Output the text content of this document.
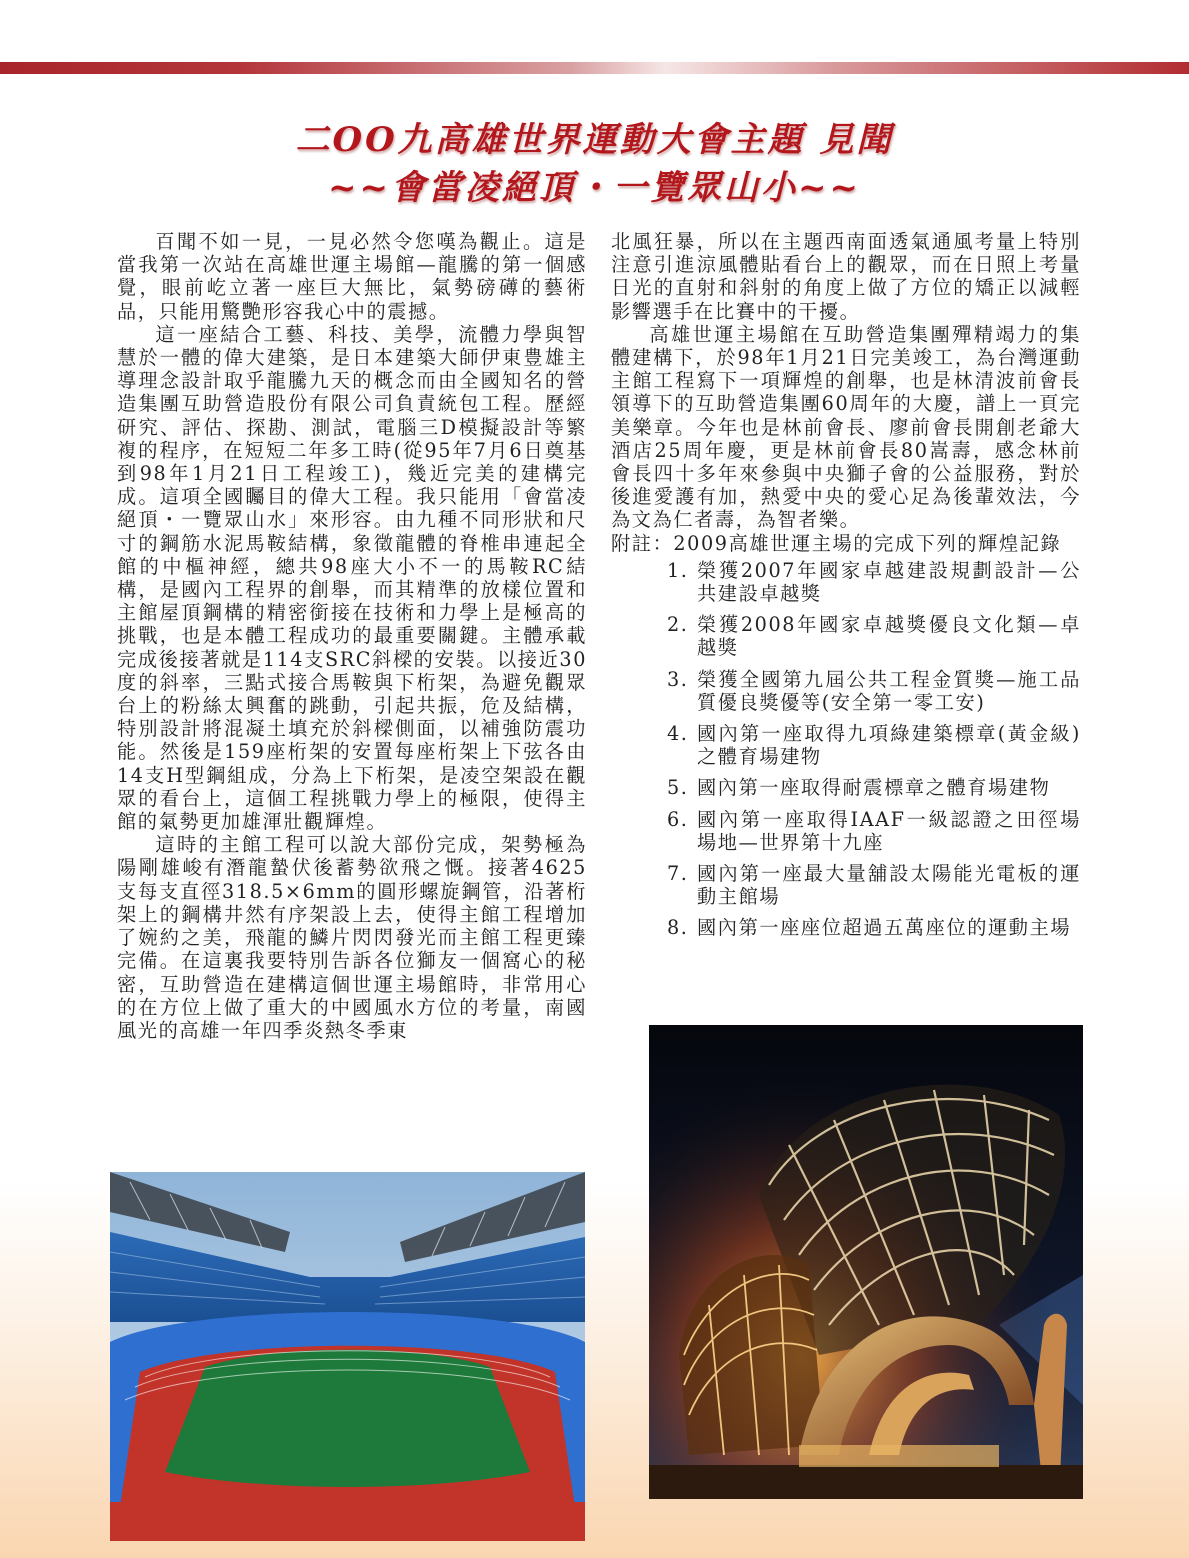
二OO九高雄世界運動大會主題 見聞
~~會當凌絕頂・一覽眾山小~~

百聞不如一見，一見必然令您嘆為觀止。這是當我第一次站在高雄世運主場館—龍騰的第一個感覺，眼前屹立著一座巨大無比，氣勢磅礡的藝術品，只能用驚艷形容我心中的震撼。

這一座結合工藝、科技、美學，流體力學與智慧於一體的偉大建築，是日本建築大師伊東豊雄主導理念設計取乎龍騰九天的概念而由全國知名的營造集團互助營造股份有限公司負責統包工程。歷經研究、評估、探勘、測試，電腦三D模擬設計等繁複的程序，在短短二年多工時(從95年7月6日奠基到98年1月21日工程竣工)，幾近完美的建構完成。這項全國矚目的偉大工程。我只能用「會當凌絕頂・一覽眾山水」來形容。由九種不同形狀和尺寸的鋼筋水泥馬鞍結構，象徵龍體的脊椎串連起全館的中樞神經，總共98座大小不一的馬鞍RC結構，是國內工程界的創舉，而其精準的放樣位置和主館屋頂鋼構的精密銜接在技術和力學上是極高的挑戰，也是本體工程成功的最重要關鍵。主體承載完成後接著就是114支SRC斜樑的安裝。以接近30度的斜率，三點式接合馬鞍與下桁架，為避免觀眾台上的粉絲太興奮的跳動，引起共振，危及結構，特別設計將混凝土填充於斜樑側面，以補強防震功能。然後是159座桁架的安置每座桁架上下弦各由14支H型鋼組成，分為上下桁架，是凌空架設在觀眾的看台上，這個工程挑戰力學上的極限，使得主館的氣勢更加雄渾壯觀輝煌。

這時的主館工程可以說大部份完成，架勢極為陽剛雄峻有潛龍蟄伏後蓄勢欲飛之慨。接著4625支每支直徑318.5×6mm的圓形螺旋鋼管，沿著桁架上的鋼構井然有序架設上去，使得主館工程增加了婉約之美，飛龍的鱗片閃閃發光而主館工程更臻完備。在這裏我要特別告訴各位獅友一個窩心的秘密，互助營造在建構這個世運主場館時，非常用心的在方位上做了重大的中國風水方位的考量，南國風光的高雄一年四季炎熱冬季東

北風狂暴，所以在主題西南面透氣通風考量上特別注意引進涼風體貼看台上的觀眾，而在日照上考量日光的直射和斜射的角度上做了方位的矯正以減輕影響選手在比賽中的干擾。

高雄世運主場館在互助營造集團殫精竭力的集體建構下，於98年1月21日完美竣工，為台灣運動主館工程寫下一項輝煌的創舉，也是林清波前會長領導下的互助營造集團60周年的大慶，譜上一頁完美樂章。今年也是林前會長、廖前會長開創老爺大酒店25周年慶，更是林前會長80嵩壽，感念林前會長四十多年來參與中央獅子會的公益服務，對於後進愛護有加，熱愛中央的愛心足為後輩效法，今為文為仁者壽，為智者樂。

附註：2009高雄世運主場的完成下列的輝煌記錄

1. 榮獲2007年國家卓越建設規劃設計—公共建設卓越獎
2. 榮獲2008年國家卓越獎優良文化類—卓越獎
3. 榮獲全國第九屆公共工程金質獎—施工品質優良獎優等(安全第一零工安)
4. 國內第一座取得九項綠建築標章(黃金級)之體育場建物
5. 國內第一座取得耐震標章之體育場建物
6. 國內第一座取得IAAF一級認證之田徑場場地—世界第十九座
7. 國內第一座最大量舖設太陽能光電板的運動主館場
8. 國內第一座座位超過五萬座位的運動主場
